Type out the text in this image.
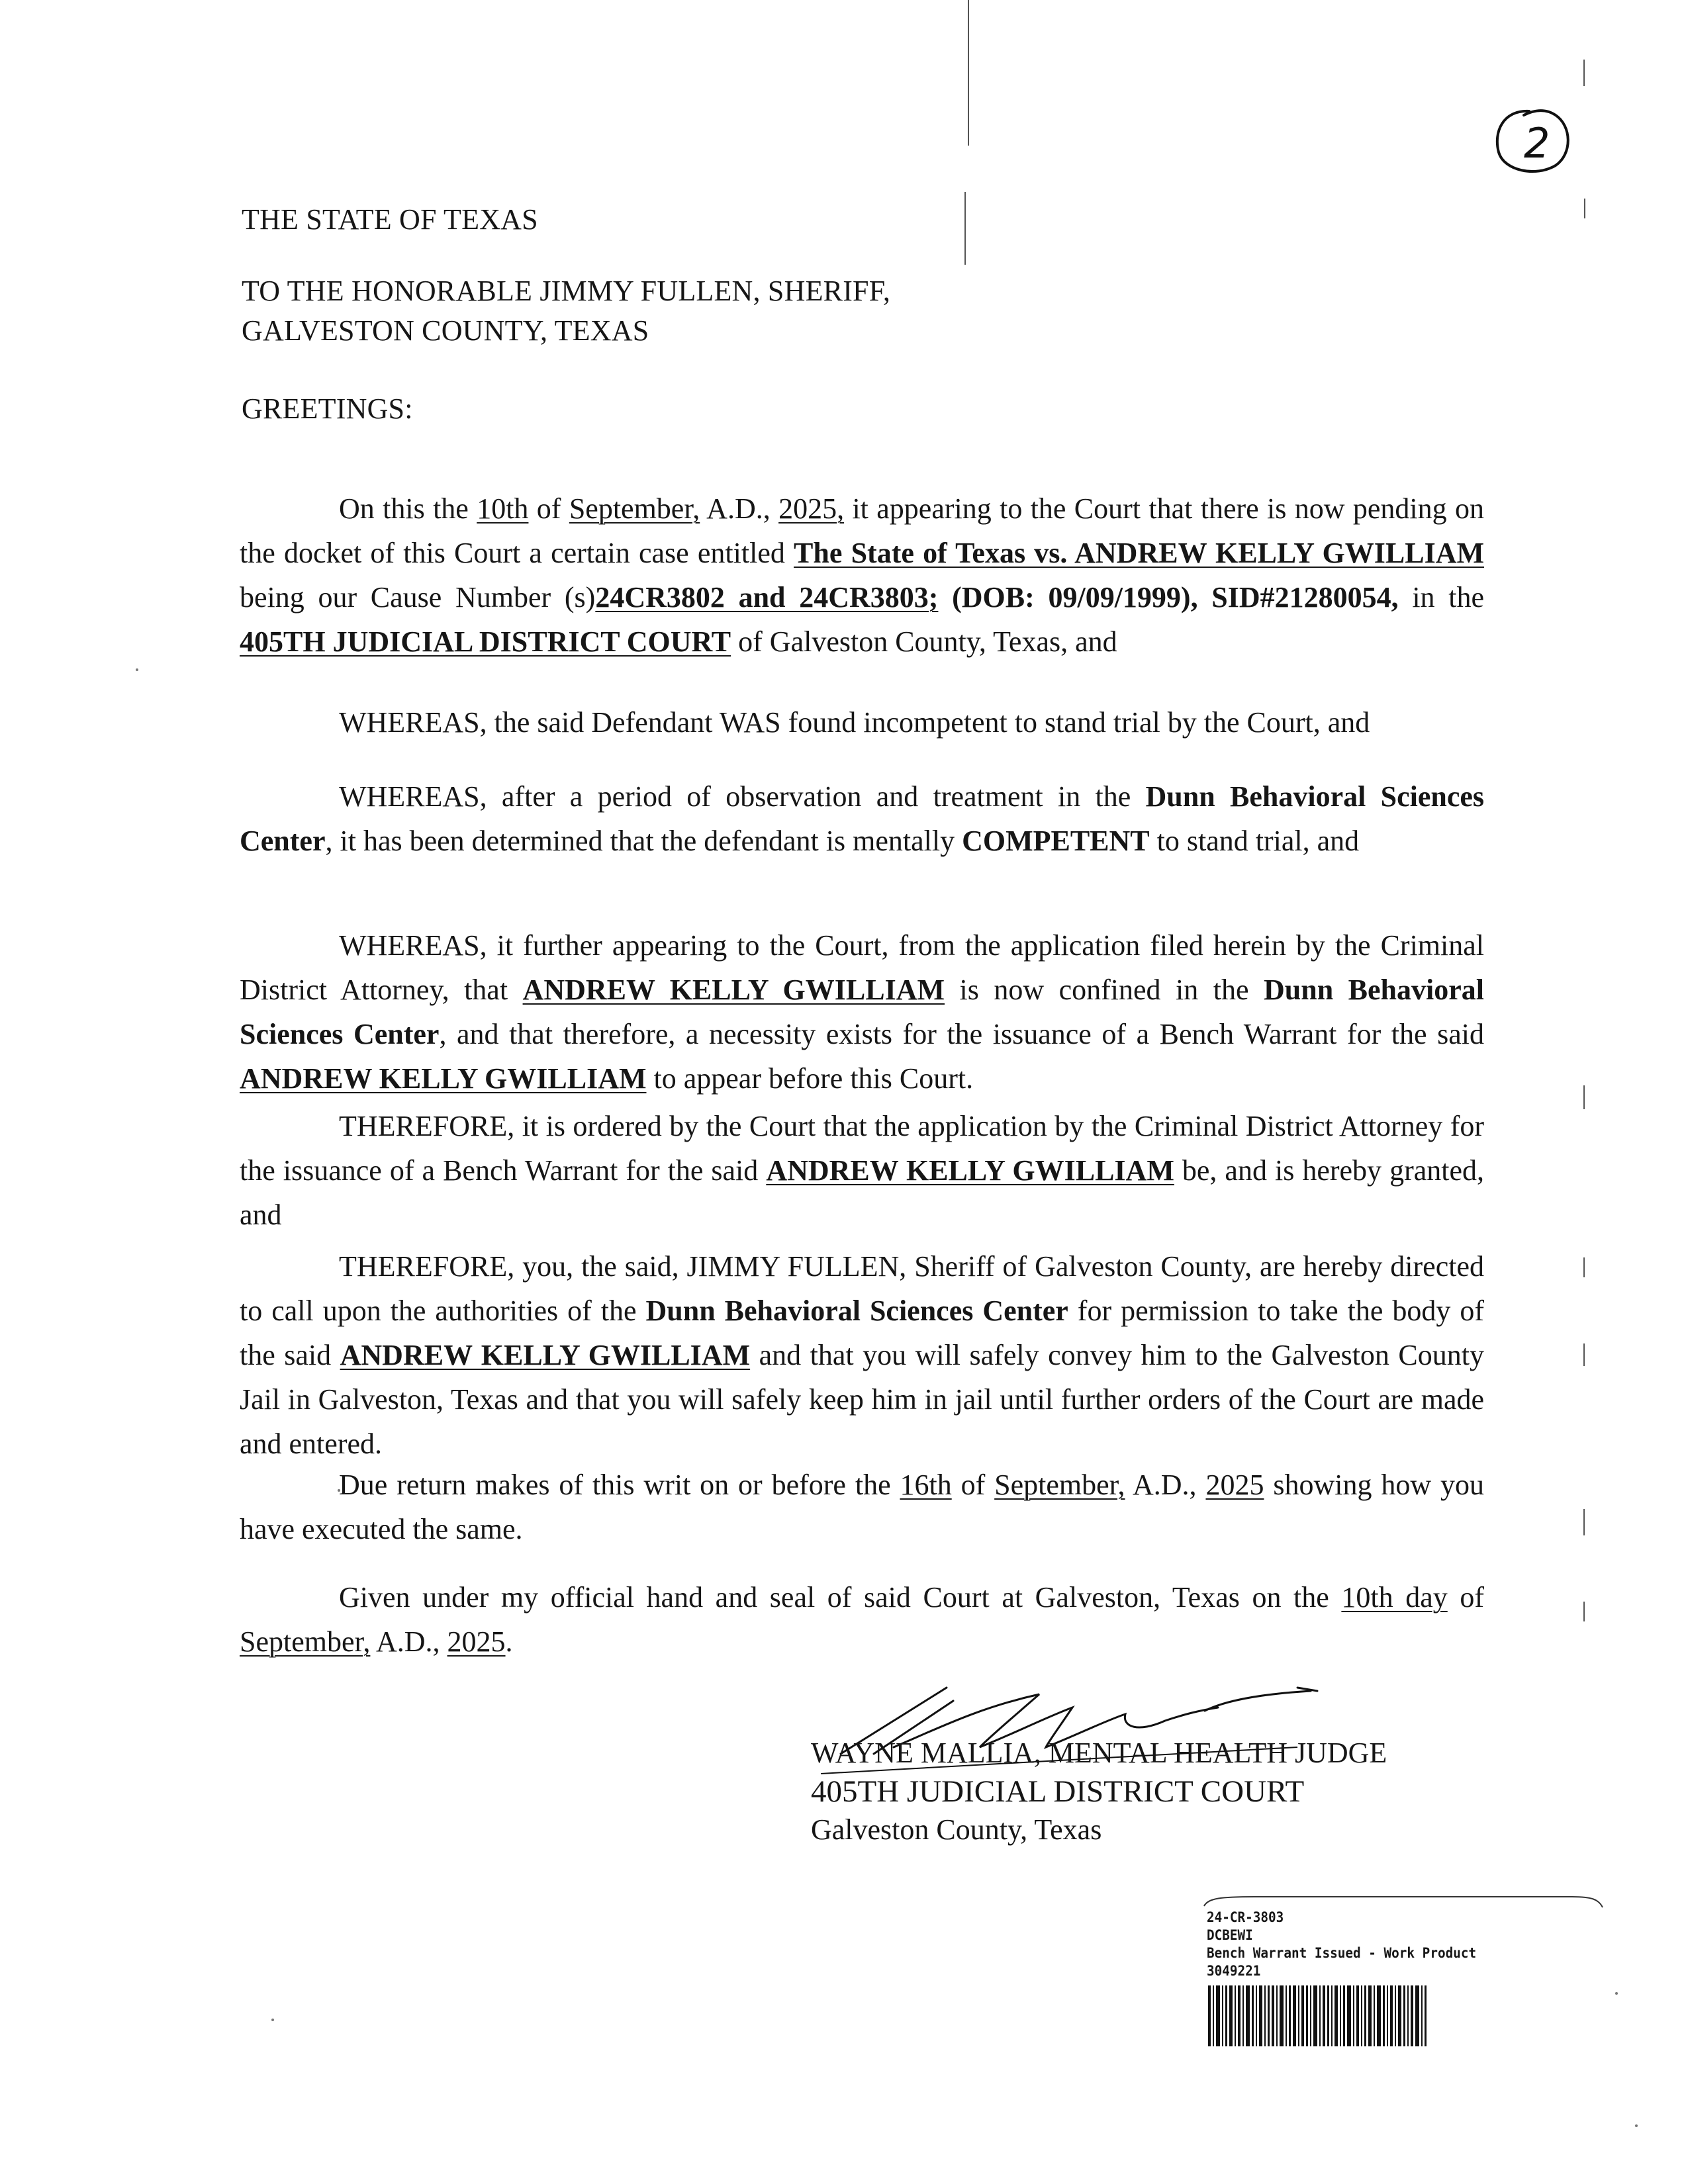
2
THE STATE OF TEXAS
TO THE HONORABLE JIMMY FULLEN, SHERIFF,
GALVESTON COUNTY, TEXAS
GREETINGS:
On this the 10th of September, A.D., 2025, it appearing to the Court that there is now pending on the docket of this Court a certain case entitled The State of Texas vs. ANDREW KELLY GWILLIAM being our Cause Number (s)24CR3802 and 24CR3803; (DOB: 09/09/1999), SID#21280054, in the 405TH JUDICIAL DISTRICT COURT of Galveston County, Texas, and
WHEREAS, the said Defendant WAS found incompetent to stand trial by the Court, and
WHEREAS, after a period of observation and treatment in the Dunn Behavioral Sciences Center, it has been determined that the defendant is mentally COMPETENT to stand trial, and
WHEREAS, it further appearing to the Court, from the application filed herein by the Criminal District Attorney, that ANDREW KELLY GWILLIAM is now confined in the Dunn Behavioral Sciences Center, and that therefore, a necessity exists for the issuance of a Bench Warrant for the said ANDREW KELLY GWILLIAM to appear before this Court.
THEREFORE, it is ordered by the Court that the application by the Criminal District Attorney for the issuance of a Bench Warrant for the said ANDREW KELLY GWILLIAM be, and is hereby granted, and
THEREFORE, you, the said, JIMMY FULLEN, Sheriff of Galveston County, are hereby directed to call upon the authorities of the Dunn Behavioral Sciences Center for permission to take the body of the said ANDREW KELLY GWILLIAM and that you will safely convey him to the Galveston County Jail in Galveston, Texas and that you will safely keep him in jail until further orders of the Court are made and entered.
Due return makes of this writ on or before the 16th of September, A.D., 2025 showing how you have executed the same.
Given under my official hand and seal of said Court at Galveston, Texas on the 10th day of September, A.D., 2025.
WAYNE MALLIA, MENTAL HEALTH JUDGE
405TH JUDICIAL DISTRICT COURT
Galveston County, Texas
24-CR-3803
DCBEWI
Bench Warrant Issued - Work Product
3049221
